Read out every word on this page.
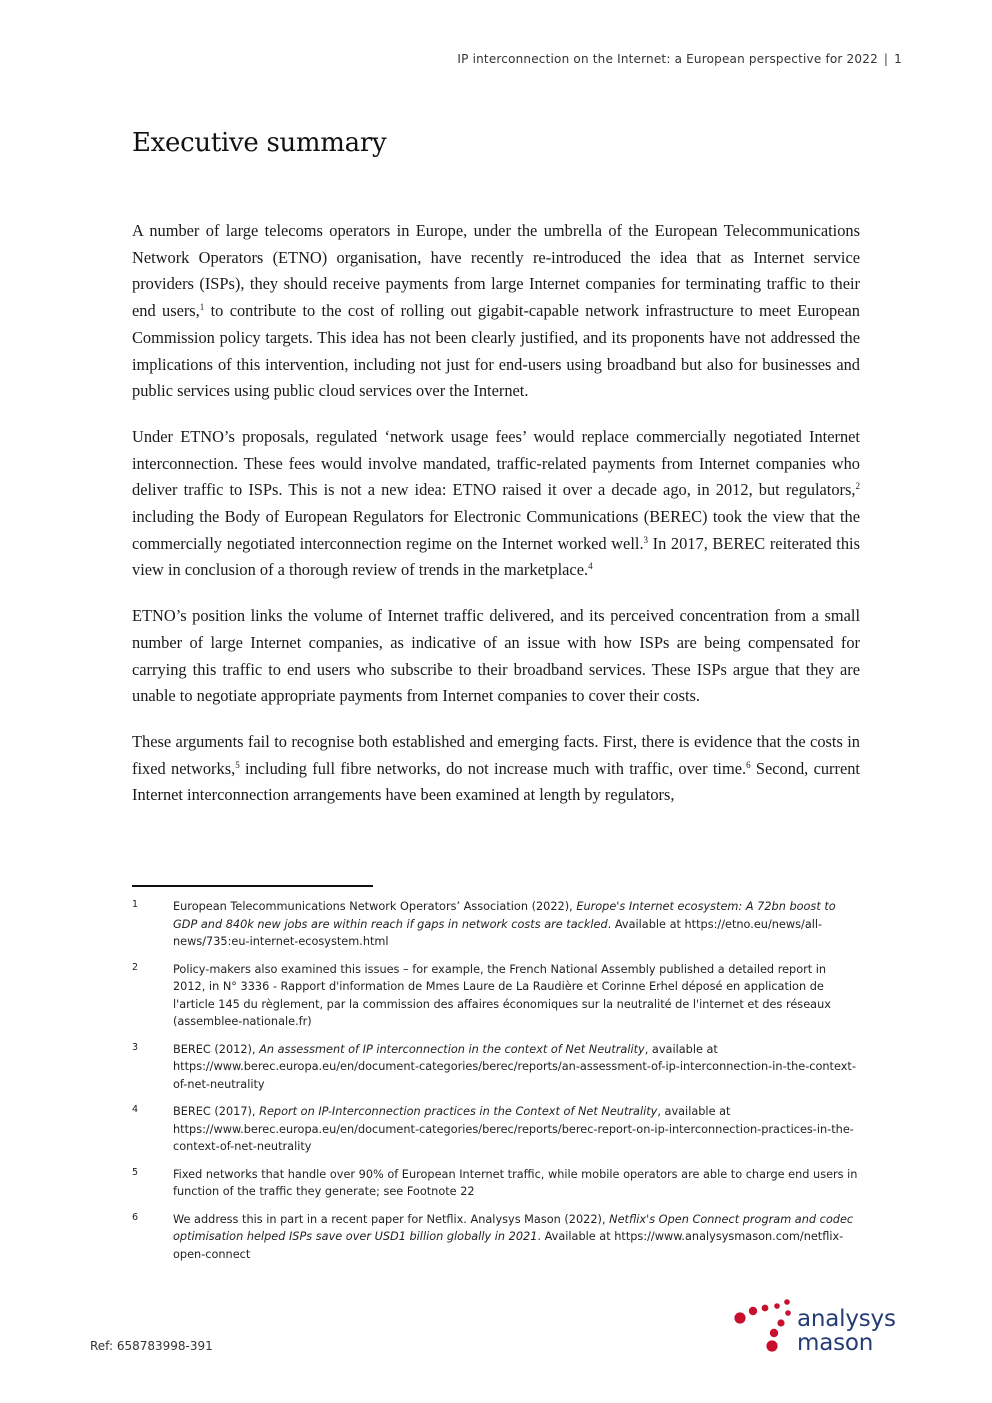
IP interconnection on the Internet: a European perspective for 2022 | 1
Executive summary

A number of large telecoms operators in Europe, under the umbrella of the European Telecommunications Network Operators (ETNO) organisation, have recently re-introduced the idea that as Internet service providers (ISPs), they should receive payments from large Internet companies for terminating traffic to their end users,$^1$ to contribute to the cost of rolling out gigabit-capable network infrastructure to meet European Commission policy targets. This idea has not been clearly justified, and its proponents have not addressed the implications of this intervention, including not just for end-users using broadband but also for businesses and public services using public cloud services over the Internet.

Under ETNO’s proposals, regulated ‘network usage fees’ would replace commercially negotiated Internet interconnection. These fees would involve mandated, traffic-related payments from Internet companies who deliver traffic to ISPs. This is not a new idea: ETNO raised it over a decade ago, in 2012, but regulators,$^2$ including the Body of European Regulators for Electronic Communications (BEREC) took the view that the commercially negotiated interconnection regime on the Internet worked well.$^3$ In 2017, BEREC reiterated this view in conclusion of a thorough review of trends in the marketplace.$^4$

ETNO’s position links the volume of Internet traffic delivered, and its perceived concentration from a small number of large Internet companies, as indicative of an issue with how ISPs are being compensated for carrying this traffic to end users who subscribe to their broadband services. These ISPs argue that they are unable to negotiate appropriate payments from Internet companies to cover their costs.

These arguments fail to recognise both established and emerging facts. First, there is evidence that the costs in fixed networks,$^5$ including full fibre networks, do not increase much with traffic, over time.$^6$ Second, current Internet interconnection arrangements have been examined at length by regulators,

1	European Telecommunications Network Operators’ Association (2022), Europe's Internet ecosystem: A 72bn boost to GDP and 840k new jobs are within reach if gaps in network costs are tackled. Available at https://etno.eu/news/all-news/735:eu-internet-ecosystem.html
2	Policy-makers also examined this issues – for example, the French National Assembly published a detailed report in 2012, in N° 3336 - Rapport d'information de Mmes Laure de La Raudière et Corinne Erhel déposé en application de l'article 145 du règlement, par la commission des affaires économiques sur la neutralité de l'internet et des réseaux (assemblee-nationale.fr)
3	BEREC (2012), An assessment of IP interconnection in the context of Net Neutrality, available at https://www.berec.europa.eu/en/document-categories/berec/reports/an-assessment-of-ip-interconnection-in-the-context-of-net-neutrality
4	BEREC (2017), Report on IP-Interconnection practices in the Context of Net Neutrality, available at https://www.berec.europa.eu/en/document-categories/berec/reports/berec-report-on-ip-interconnection-practices-in-the-context-of-net-neutrality
5	Fixed networks that handle over 90% of European Internet traffic, while mobile operators are able to charge end users in function of the traffic they generate; see Footnote 22
6	We address this in part in a recent paper for Netflix. Analysys Mason (2022), Netflix's Open Connect program and codec optimisation helped ISPs save over USD1 billion globally in 2021. Available at https://www.analysysmason.com/netflix-open-connect
Ref: 658783998-391
analysys
mason
